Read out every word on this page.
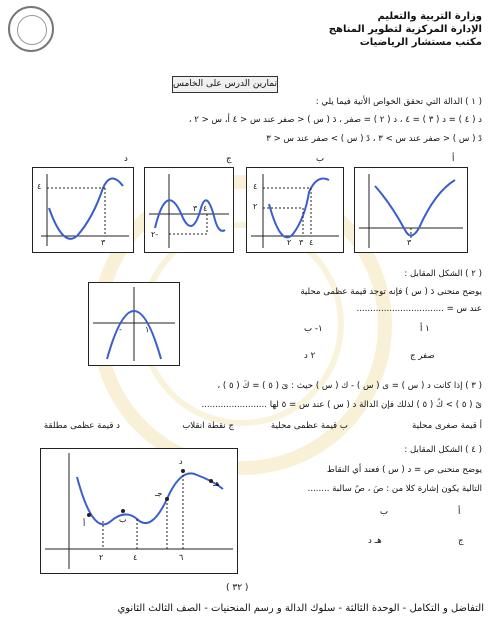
وزارة التربية والتعليم
الإدارة المركزية لتطوير المناهج
مكتب مستشار الرياضيات
تمارين الدرس على الخامس
( ١ ) الدالة التي تحقق الخواص الأتية فيما يلي :
د ( ٤ ) = د ( ٣ ) = ٤ ، د ( ٢ ) = صفر ، دَ ( س ) < صفر عند س < ٤ أ، س < ٢ ،
دً ( س ) < صفر عند س > ٣ ، دً ( س ) > صفر عند س < ٣
أ
ب
ج
د
٤
٣
٢-
٤
٣
٤
٢
٢ ٣ ٤	٣
( ٢ ) الشكل المقابل :
يوضح منحنى دَ ( س ) فإنه توجد قيمة عظمى محلية
عند س = ................................
١ أ
١- ب
صفر ج
٢ د
١
-
( ٣ ) إذا كانت د ( س ) = ى ( س ) - ك ( س ) حيث : ىَ ( ٥ ) = كَ ( ٥ ) ،
ىً ( ٥ ) > كً ( ٥ ) لذلك فإن الدالة د ( س ) عند س = ٥ لها ........................
أ قيمة صغرى محلية
ب قيمة عظمى محلية
ج نقطة انقلاب
د قيمة عظمى مطلقة
( ٤ ) الشكل المقابل :
يوضح منحنى ص = د ( س ) فعند أي النقاط
التالية يكون إشارة كلا من : صَ ، صً سالبة ........
أ
ب
ج
هـ د
أ	ب
جـ
د
هـ
٢	٤	٦
( ٣٢ )
التفاضل و التكامل - الوحدة الثالثة - سلوك الدالة و رسم المنحنيات - الصف الثالث الثانوي
